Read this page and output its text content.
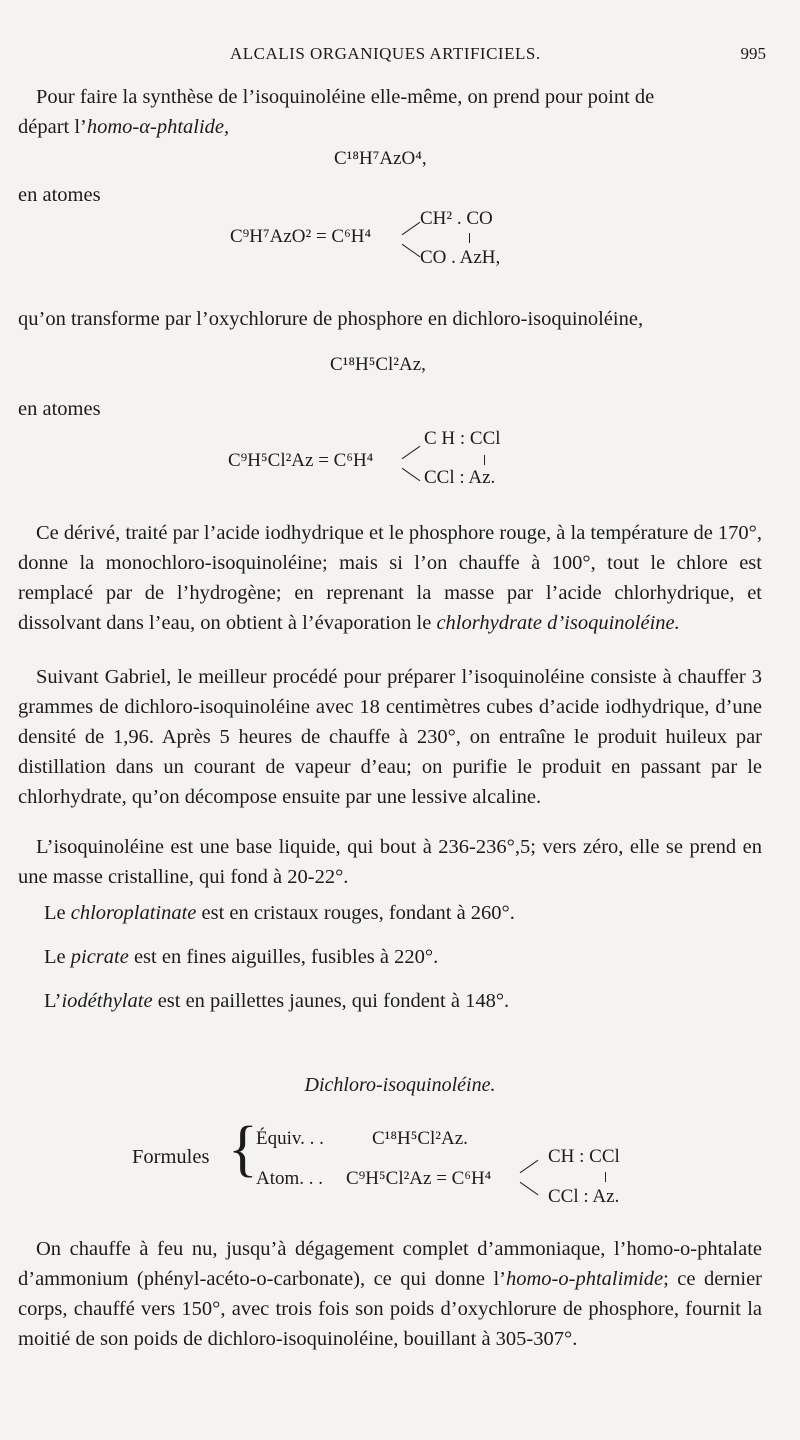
ALCALIS ORGANIQUES ARTIFICIELS.	995
Pour faire la synthèse de l’isoquinoléine elle-même, on prend pour point de
départ l’homo-α-phtalide,
C¹⁸H⁷AzO⁴,
en atomes
C⁹H⁷AzO² = C⁶H⁴
CH² . CO
CO . AzH,
qu’on transforme par l’oxychlorure de phosphore en dichloro-isoquinoléine,
C¹⁸H⁵Cl²Az,
en atomes
C⁹H⁵Cl²Az = C⁶H⁴
C H : CCl
CCl : Az.
Ce dérivé, traité par l’acide iodhydrique et le phosphore rouge, à la température de 170°, donne la monochloro-isoquinoléine; mais si l’on chauffe à 100°, tout le chlore est remplacé par de l’hydrogène; en reprenant la masse par l’acide chlorhydrique, et dissolvant dans l’eau, on obtient à l’évaporation le chlorhydrate d’isoquinoléine.
Suivant Gabriel, le meilleur procédé pour préparer l’isoquinoléine consiste à chauffer 3 grammes de dichloro-isoquinoléine avec 18 centimètres cubes d’acide iodhydrique, d’une densité de 1,96. Après 5 heures de chauffe à 230°, on entraîne le produit huileux par distillation dans un courant de vapeur d’eau; on purifie le produit en passant par le chlorhydrate, qu’on décompose ensuite par une lessive alcaline.
L’isoquinoléine est une base liquide, qui bout à 236-236°,5; vers zéro, elle se prend en une masse cristalline, qui fond à 20-22°.
Le chloroplatinate est en cristaux rouges, fondant à 260°.
Le picrate est en fines aiguilles, fusibles à 220°.
L’iodéthylate est en paillettes jaunes, qui fondent à 148°.
Dichloro-isoquinoléine.
Formules {
Équiv. . .	C¹⁸H⁵Cl²Az.
Atom. . . C⁹H⁵Cl²Az = C⁶H⁴
CH : CCl
CCl : Az.
On chauffe à feu nu, jusqu’à dégagement complet d’ammoniaque, l’homo-o-phtalate d’ammonium (phényl-acéto-o-carbonate), ce qui donne l’homo-o-phtalimide; ce dernier corps, chauffé vers 150°, avec trois fois son poids d’oxychlorure de phosphore, fournit la moitié de son poids de dichloro-isoquinoléine, bouillant à 305-307°.
